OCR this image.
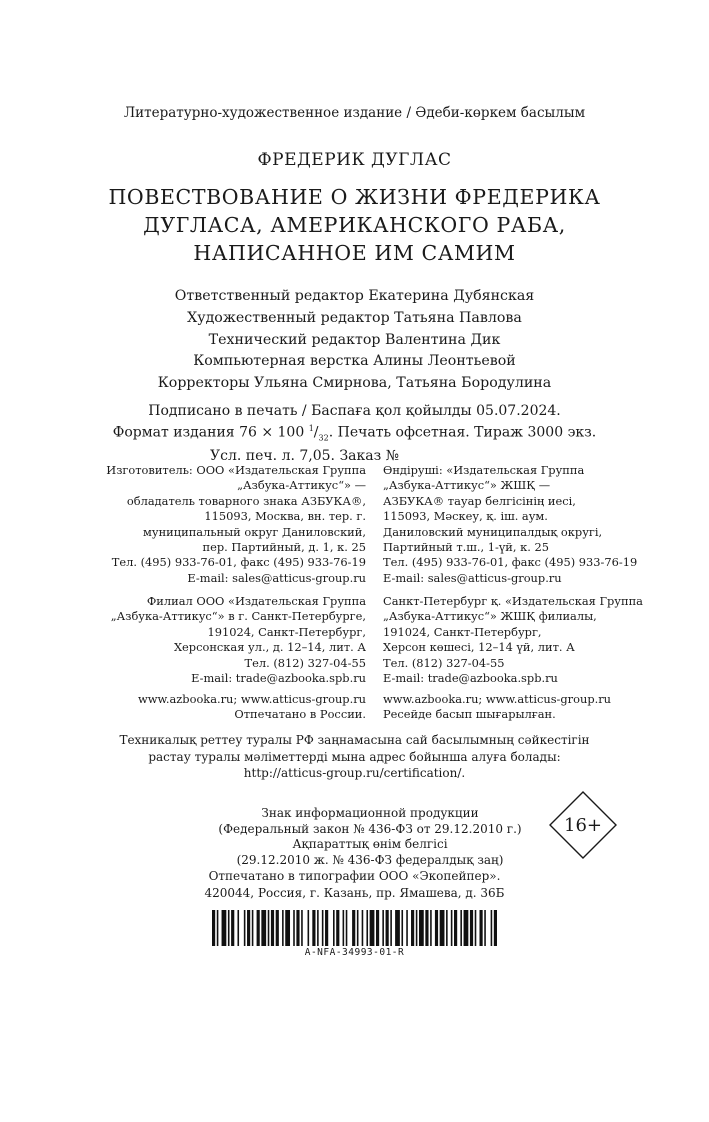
Литературно-художественное издание / Әдеби-көркем басылым
ФРЕДЕРИК ДУГЛАС
ПОВЕСТВОВАНИЕ О ЖИЗНИ ФРЕДЕРИКА
ДУГЛАСА, АМЕРИКАНСКОГО РАБА,
НАПИСАННОЕ ИМ САМИМ
Ответственный редактор Екатерина Дубянская
Художественный редактор Татьяна Павлова
Технический редактор Валентина Дик
Компьютерная верстка Алины Леонтьевой
Корректоры Ульяна Смирнова, Татьяна Бородулина
Подписано в печать / Баспаға қол қойылды 05.07.2024.
Формат издания 76 × 100 $^1/_{32}$. Печать офсетная. Тираж 3000 экз.
Усл. печ. л. 7,05. Заказ №
Изготовитель: ООО «Издательская Группа
„Азбука-Аттикус“» —
обладатель товарного знака АЗБУКА®,
115093, Москва, вн. тер. г.
муниципальный округ Даниловский,
пер. Партийный, д. 1, к. 25
Тел. (495) 933-76-01, факс (495) 933-76-19
E-mail: sales@atticus-group.ru
Өндіруші: «Издательская Группа
„Азбука-Аттикус“» ЖШҚ —
АЗБУКА® тауар белгісінің иесі,
115093, Мәскеу, қ. іш. аум.
Даниловский муниципалдық округі,
Партийный т.ш., 1-үй, к. 25
Тел. (495) 933-76-01, факс (495) 933-76-19
E-mail: sales@atticus-group.ru
Филиал ООО «Издательская Группа
„Азбука-Аттикус“» в г. Санкт-Петербурге,
191024, Санкт-Петербург,
Херсонская ул., д. 12–14, лит. А
Тел. (812) 327-04-55
E-mail: trade@azbooka.spb.ru
Санкт-Петербург қ. «Издательская Группа
„Азбука-Аттикус“» ЖШҚ филиалы,
191024, Санкт-Петербург,
Херсон көшесі, 12–14 үй, лит. А
Тел. (812) 327-04-55
E-mail: trade@azbooka.spb.ru
www.azbooka.ru; www.atticus-group.ru
Отпечатано в России.
www.azbooka.ru; www.atticus-group.ru
Ресейде басып шығарылған.
Техникалық реттеу туралы РФ заңнамасына сай басылымның сәйкестігін
растау туралы мәліметтерді мына адрес бойынша алуға болады:
http://atticus-group.ru/certification/.
Знак информационной продукции
(Федеральный закон № 436-ФЗ от 29.12.2010 г.)
Ақпараттық өнім белгісі
(29.12.2010 ж. № 436-ФЗ федералдық заң)
16+
Отпечатано в типографии ООО «Экопейпер».
420044, Россия, г. Казань, пр. Ямашева, д. 36Б
A-NFA-34993-01-R
